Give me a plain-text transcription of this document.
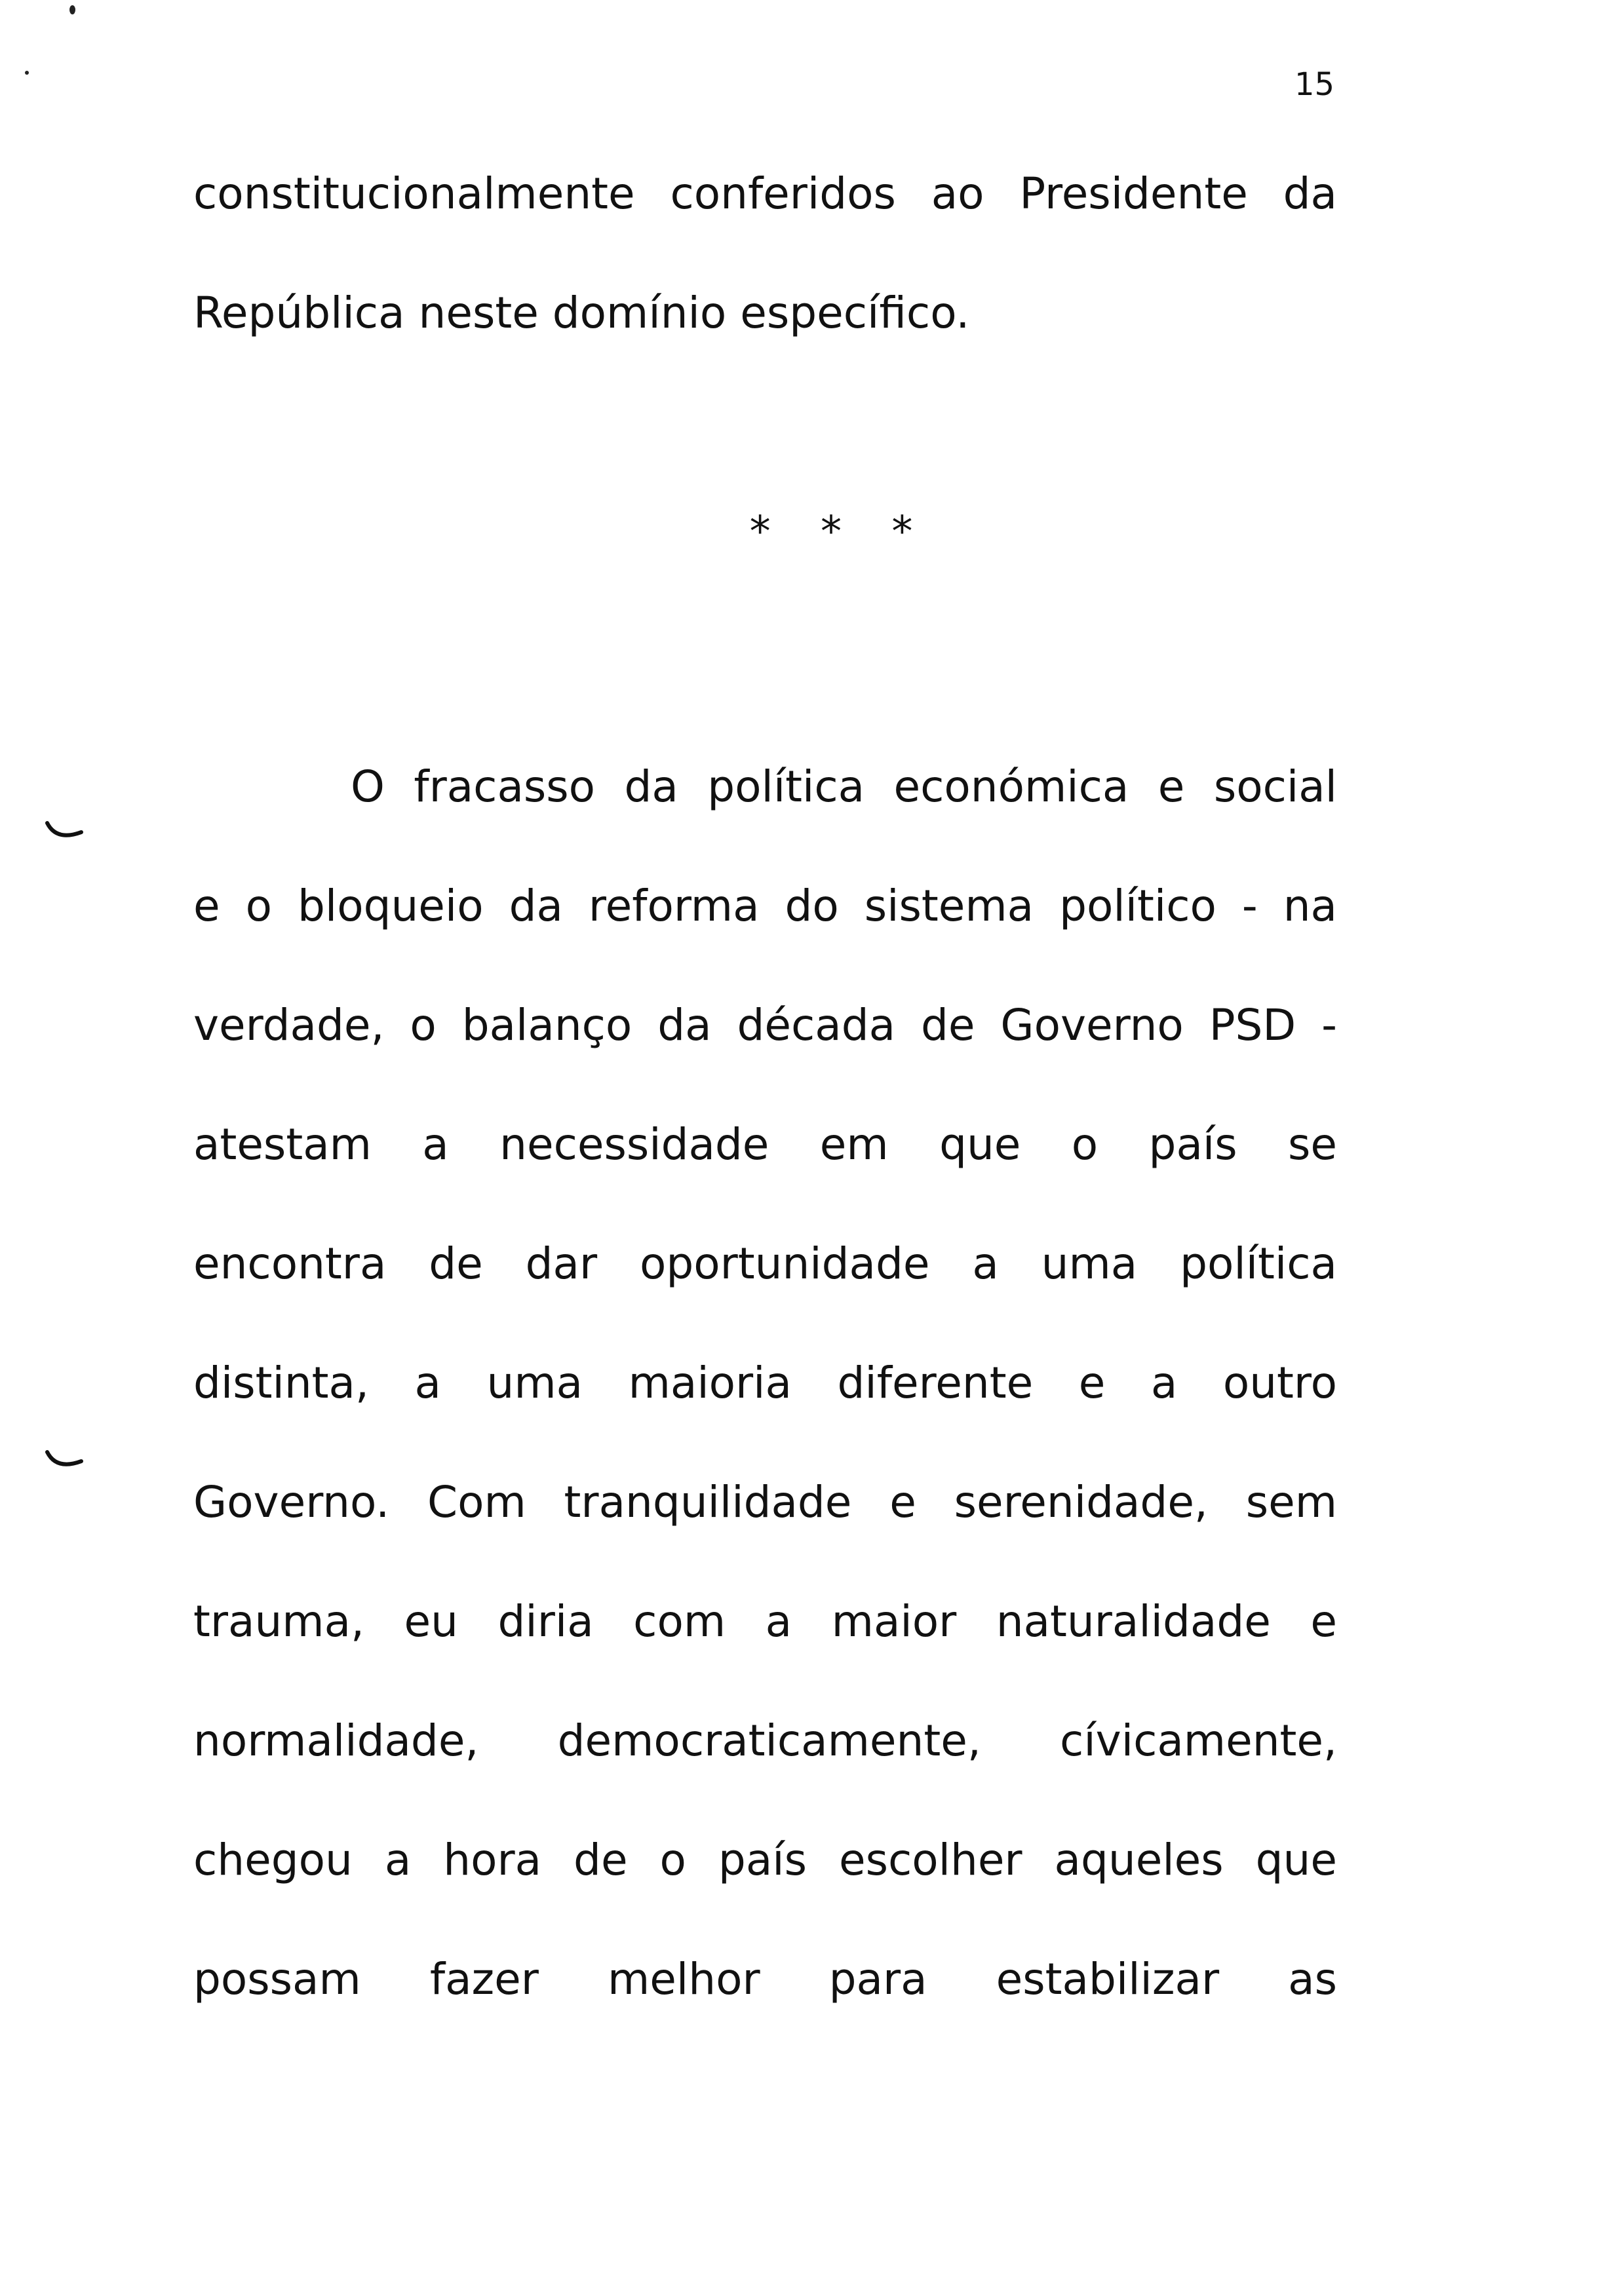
15
constitucionalmente conferidos ao Presidente da
República neste domínio específico.
* * *
O fracasso da política económica e social
e o bloqueio da reforma do sistema político - na
verdade, o balanço da década de Governo PSD -
atestam a necessidade em que o país se
encontra de dar oportunidade a uma política
distinta, a uma maioria diferente e a outro
Governo. Com tranquilidade e serenidade, sem
trauma, eu diria com a maior naturalidade e
normalidade, democraticamente, cívicamente,
chegou a hora de o país escolher aqueles que
possam fazer melhor para estabilizar as
